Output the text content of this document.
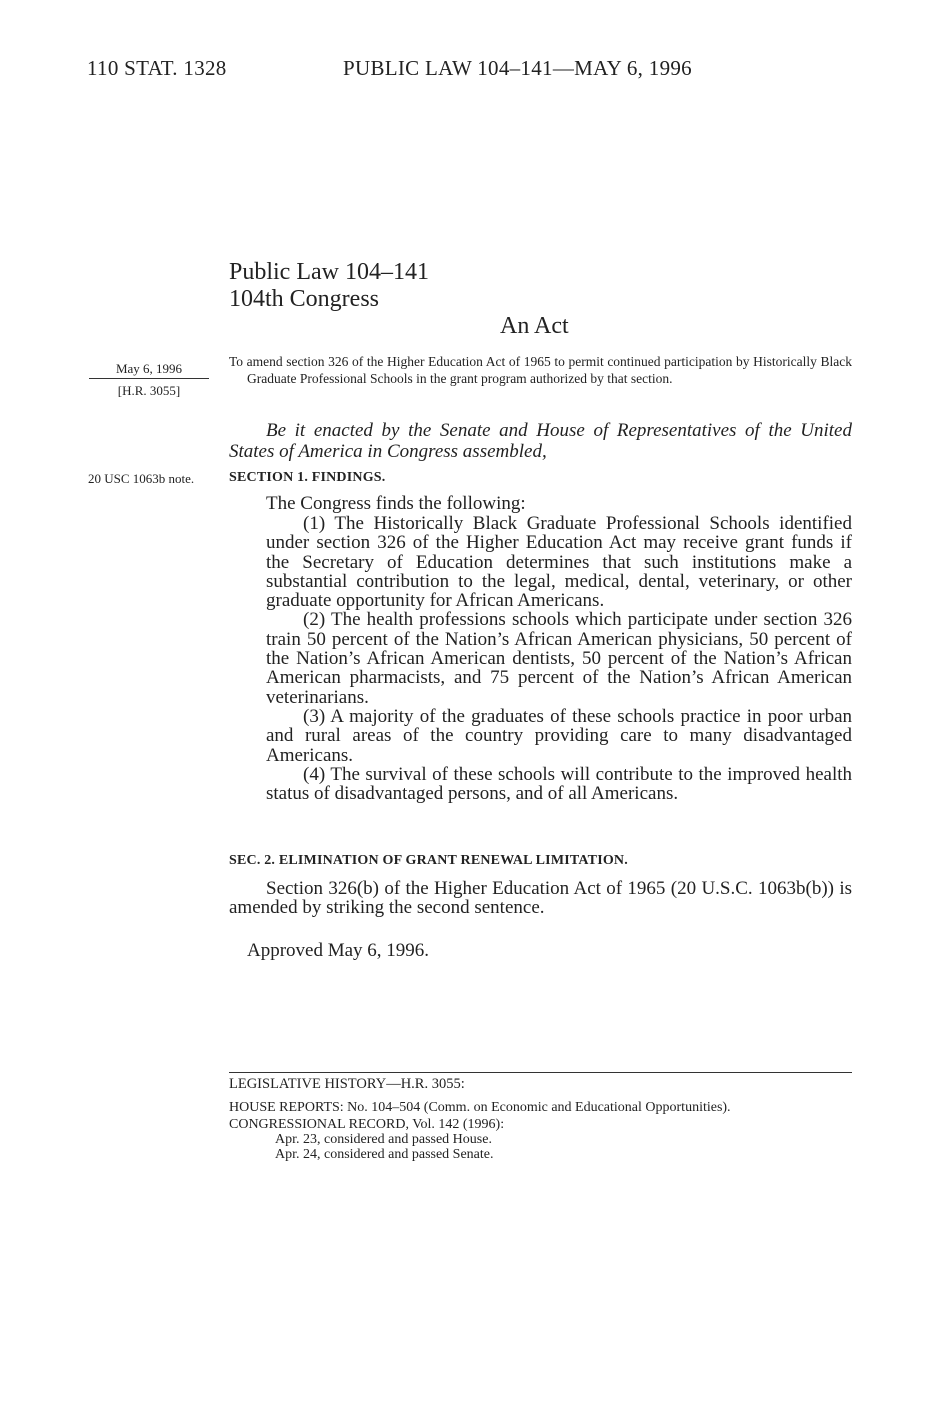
110 STAT. 1328	PUBLIC LAW 104–141—MAY 6, 1996
Public Law 104–141
104th Congress
An Act
May 6, 1996
[H.R. 3055]
20 USC 1063b note.

To amend section 326 of the Higher Education Act of 1965 to permit continued participation by Historically Black Graduate Professional Schools in the grant program authorized by that section.

Be it enacted by the Senate and House of Representatives of the United States of America in Congress assembled,

SECTION 1. FINDINGS.

The Congress finds the following:

(1) The Historically Black Graduate Professional Schools identified under section 326 of the Higher Education Act may receive grant funds if the Secretary of Education determines that such institutions make a substantial contribution to the legal, medical, dental, veterinary, or other graduate opportunity for African Americans.

(2) The health professions schools which participate under section 326 train 50 percent of the Nation’s African American physicians, 50 percent of the Nation’s African American dentists, 50 percent of the Nation’s African American pharmacists, and 75 percent of the Nation’s African American veterinarians.

(3) A majority of the graduates of these schools practice in poor urban and rural areas of the country providing care to many disadvantaged Americans.

(4) The survival of these schools will contribute to the improved health status of disadvantaged persons, and of all Americans.

SEC. 2. ELIMINATION OF GRANT RENEWAL LIMITATION.

Section 326(b) of the Higher Education Act of 1965 (20 U.S.C. 1063b(b)) is amended by striking the second sentence.

Approved May 6, 1996.

LEGISLATIVE HISTORY—H.R. 3055:

HOUSE REPORTS: No. 104–504 (Comm. on Economic and Educational Opportunities).

CONGRESSIONAL RECORD, Vol. 142 (1996):

Apr. 23, considered and passed House.

Apr. 24, considered and passed Senate.
